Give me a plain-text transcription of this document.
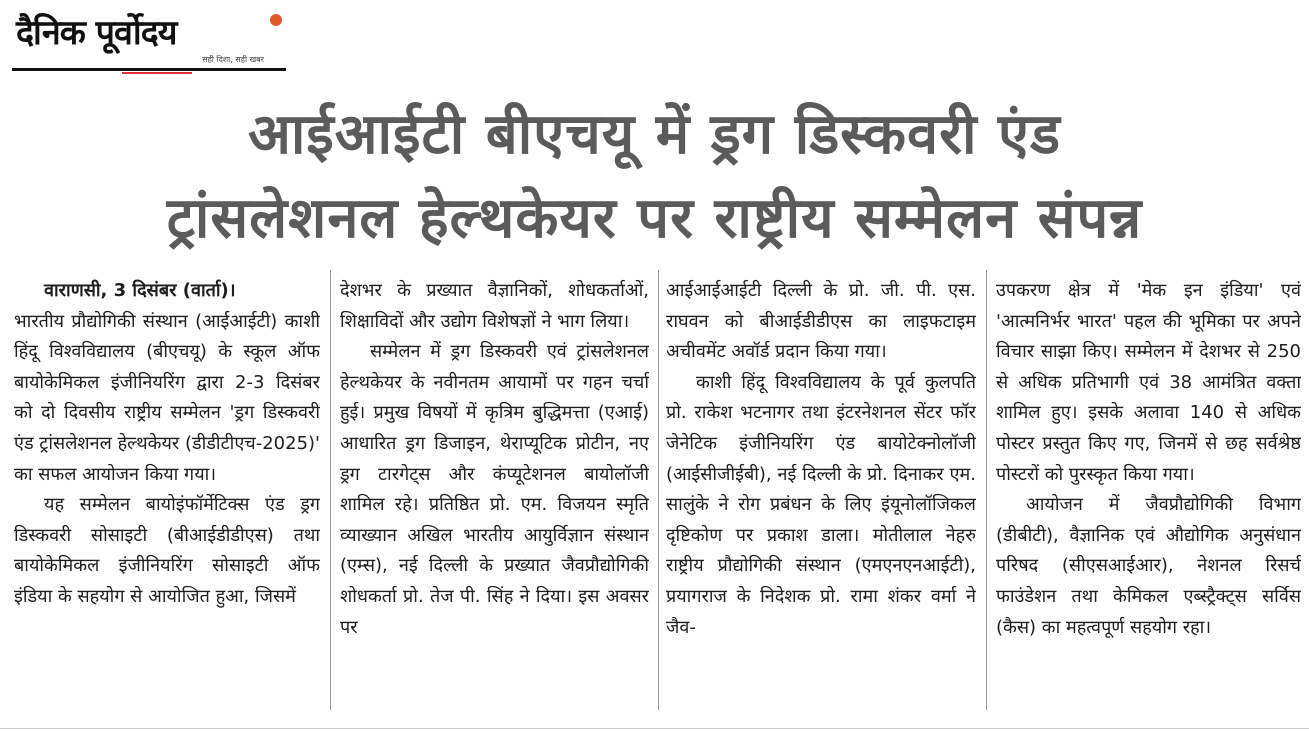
दैनिक पूर्वोदय
सही दिशा, सही खबर
आईआईटी बीएचयू में ड्रग डिस्कवरी एंड
ट्रांसलेशनल हेल्थकेयर पर राष्ट्रीय सम्मेलन संपन्न

वाराणसी, 3 दिसंबर (वार्ता)।

भारतीय प्रौद्योगिकी संस्थान (आईआईटी) काशी हिंदू विश्वविद्यालय (बीएचयू) के स्कूल ऑफ बायोकेमिकल इंजीनियरिंग द्वारा 2-3 दिसंबर को दो दिवसीय राष्ट्रीय सम्मेलन 'ड्रग डिस्कवरी एंड ट्रांसलेशनल हेल्थकेयर (डीडीटीएच-2025)' का सफल आयोजन किया गया।

यह सम्मेलन बायोइंफॉर्मेटिक्स एंड ड्रग डिस्कवरी सोसाइटी (बीआईडीडीएस) तथा बायोकेमिकल इंजीनियरिंग सोसाइटी ऑफ इंडिया के सहयोग से आयोजित हुआ, जिसमें

देशभर के प्रख्यात वैज्ञानिकों, शोधकर्ताओं, शिक्षाविदों और उद्योग विशेषज्ञों ने भाग लिया।

सम्मेलन में ड्रग डिस्कवरी एवं ट्रांसलेशनल हेल्थकेयर के नवीनतम आयामों पर गहन चर्चा हुई। प्रमुख विषयों में कृत्रिम बुद्धिमत्ता (एआई) आधारित ड्रग डिजाइन, थेराप्यूटिक प्रोटीन, नए ड्रग टारगेट्स और कंप्यूटेशनल बायोलॉजी शामिल रहे। प्रतिष्ठित प्रो. एम. विजयन स्मृति व्याख्यान अखिल भारतीय आयुर्विज्ञान संस्थान (एम्स), नई दिल्ली के प्रख्यात जैवप्रौद्योगिकी शोधकर्ता प्रो. तेज पी. सिंह ने दिया। इस अवसर पर

आईआईआईटी दिल्ली के प्रो. जी. पी. एस. राघवन को बीआईडीडीएस का लाइफटाइम अचीवमेंट अवॉर्ड प्रदान किया गया।

काशी हिंदू विश्वविद्यालय के पूर्व कुलपति प्रो. राकेश भटनागर तथा इंटरनेशनल सेंटर फॉर जेनेटिक इंजीनियरिंग एंड बायोटेक्नोलॉजी (आईसीजीईबी), नई दिल्ली के प्रो. दिनाकर एम. सालुंके ने रोग प्रबंधन के लिए इंयूनोलॉजिकल दृष्टिकोण पर प्रकाश डाला। मोतीलाल नेहरु राष्ट्रीय प्रौद्योगिकी संस्थान (एमएनएनआईटी), प्रयागराज के निदेशक प्रो. रामा शंकर वर्मा ने जैव-

उपकरण क्षेत्र में 'मेक इन इंडिया' एवं 'आत्मनिर्भर भारत' पहल की भूमिका पर अपने विचार साझा किए। सम्मेलन में देशभर से 250 से अधिक प्रतिभागी एवं 38 आमंत्रित वक्ता शामिल हुए। इसके अलावा 140 से अधिक पोस्टर प्रस्तुत किए गए, जिनमें से छह सर्वश्रेष्ठ पोस्टरों को पुरस्कृत किया गया।

आयोजन में जैवप्रौद्योगिकी विभाग (डीबीटी), वैज्ञानिक एवं औद्योगिक अनुसंधान परिषद (सीएसआईआर), नेशनल रिसर्च फाउंडेशन तथा केमिकल एब्स्ट्रैक्ट्स सर्विस (कैस) का महत्वपूर्ण सहयोग रहा।
